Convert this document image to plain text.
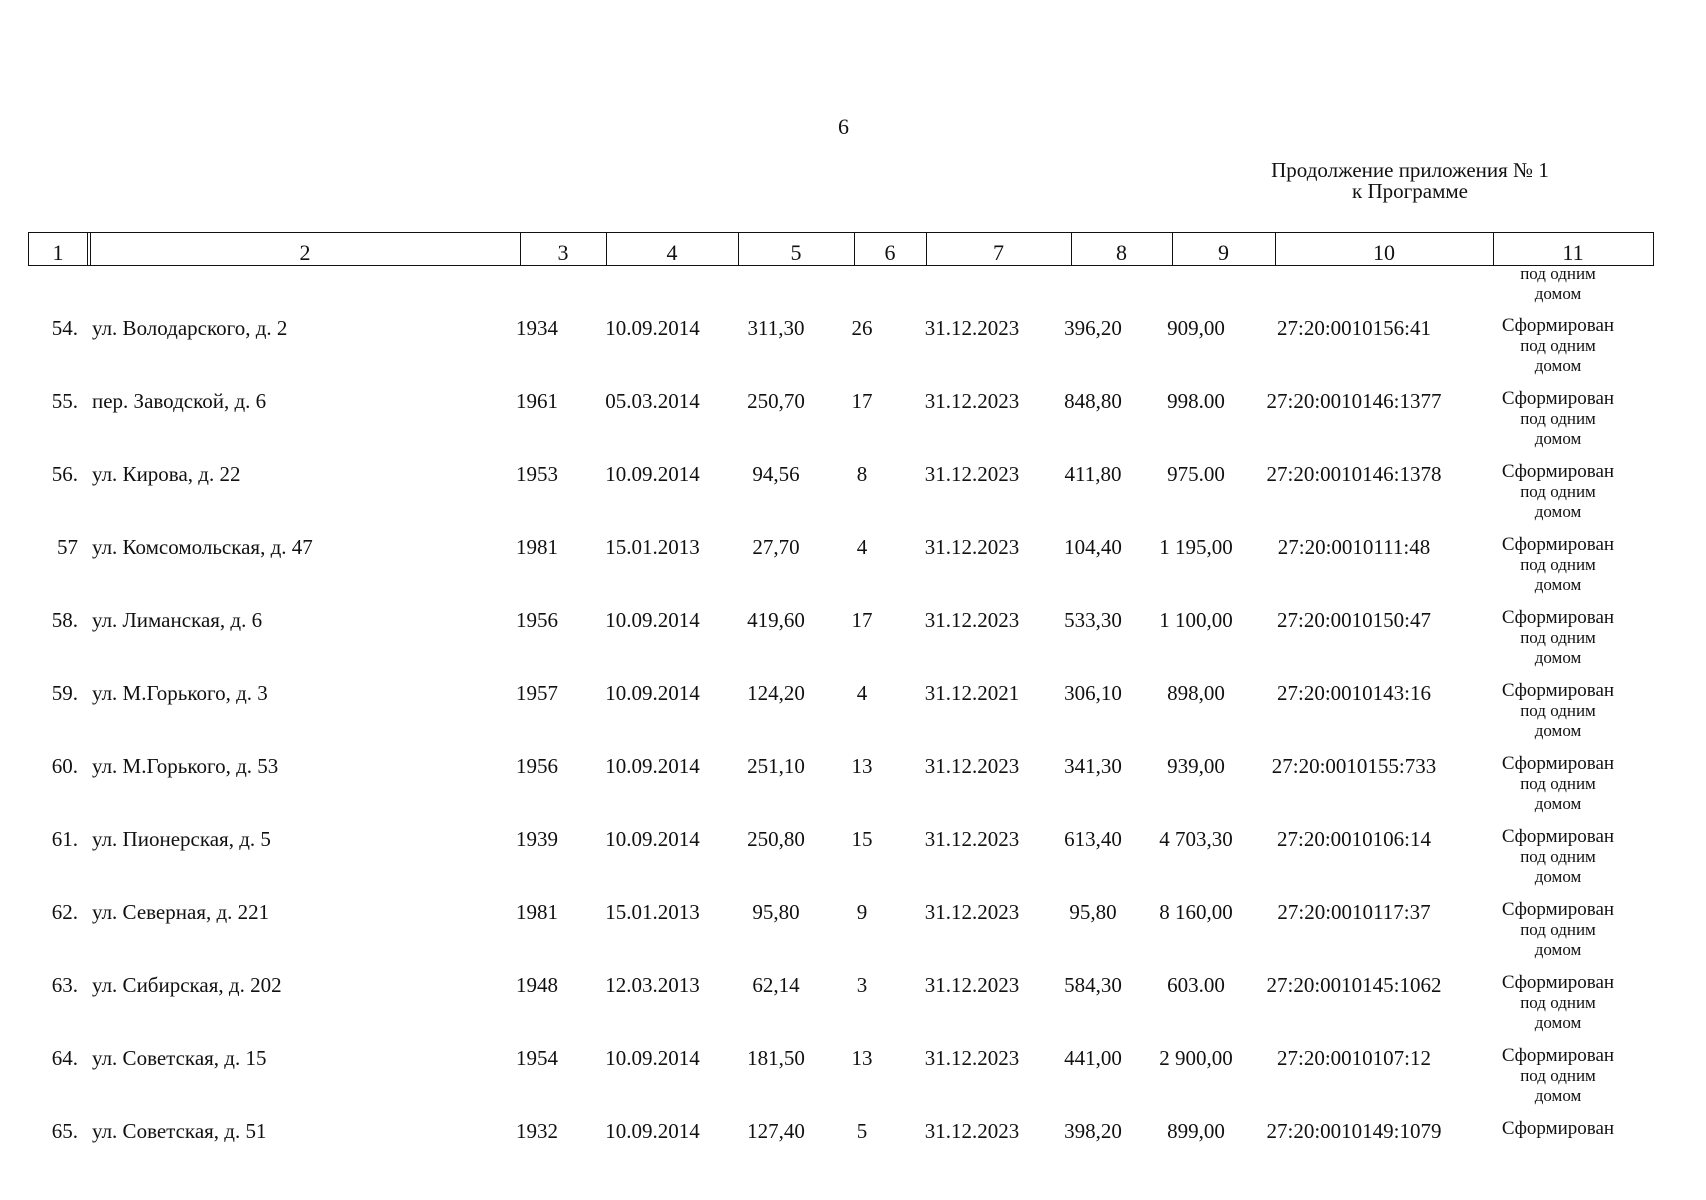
6
Продолжение приложения № 1
к Программе
1	2	3	4	5	6	7	8	9	10	11
под одним
домом
54. ул. Володарского, д. 2	1934	10.09.2014	311,30	26	31.12.2023	396,20	909,00	27:20:0010156:41	Сформирован
под одним
домом
55. пер. Заводской, д. 6	1961	05.03.2014	250,70	17	31.12.2023	848,80	998.00	27:20:0010146:1377	Сформирован
под одним
домом
56. ул. Кирова, д. 22	1953	10.09.2014	94,56	8	31.12.2023	411,80	975.00	27:20:0010146:1378	Сформирован
под одним
домом
57 ул. Комсомольская, д. 47	1981	15.01.2013	27,70	4	31.12.2023	104,40	1 195,00	27:20:0010111:48	Сформирован
под одним
домом
58. ул. Лиманская, д. 6	1956	10.09.2014	419,60	17	31.12.2023	533,30	1 100,00	27:20:0010150:47	Сформирован
под одним
домом
59. ул. М.Горького, д. 3	1957	10.09.2014	124,20	4	31.12.2021	306,10	898,00	27:20:0010143:16	Сформирован
под одним
домом
60. ул. М.Горького, д. 53	1956	10.09.2014	251,10	13	31.12.2023	341,30	939,00	27:20:0010155:733	Сформирован
под одним
домом
61. ул. Пионерская, д. 5	1939	10.09.2014	250,80	15	31.12.2023	613,40	4 703,30	27:20:0010106:14	Сформирован
под одним
домом
62. ул. Северная, д. 221	1981	15.01.2013	95,80	9	31.12.2023	95,80	8 160,00	27:20:0010117:37	Сформирован
под одним
домом
63. ул. Сибирская, д. 202	1948	12.03.2013	62,14	3	31.12.2023	584,30	603.00	27:20:0010145:1062	Сформирован
под одним
домом
64. ул. Советская, д. 15	1954	10.09.2014	181,50	13	31.12.2023	441,00	2 900,00	27:20:0010107:12	Сформирован
под одним
домом
65. ул. Советская, д. 51	1932	10.09.2014	127,40	5	31.12.2023	398,20	899,00	27:20:0010149:1079	Сформирован
